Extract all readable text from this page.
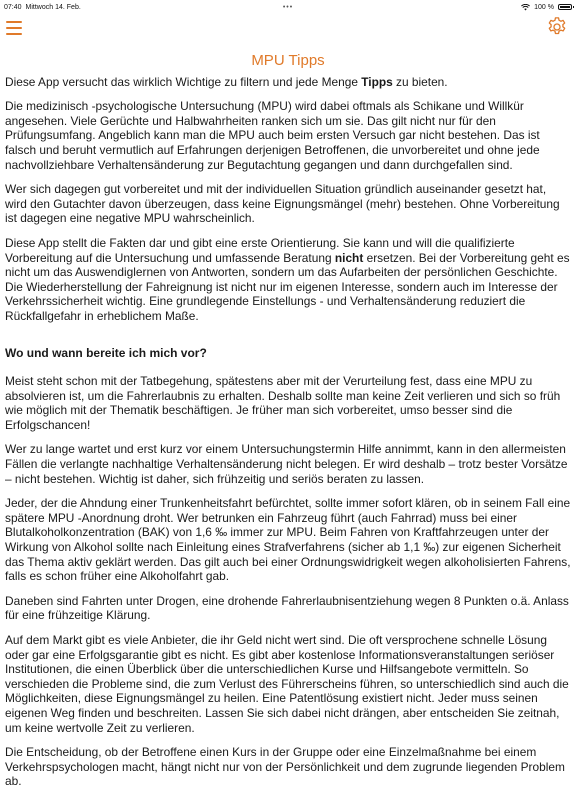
07:40 Mittwoch 14. Feb.	•••	100 %
MPU Tipps

Diese App versucht das wirklich Wichtige zu filtern und jede Menge Tipps zu bieten.

Die medizinisch -psychologische Untersuchung (MPU) wird dabei oftmals als Schikane und Willkür angesehen. Viele Gerüchte und Halbwahrheiten ranken sich um sie. Das gilt nicht nur für den Prüfungsumfang. Angeblich kann man die MPU auch beim ersten Versuch gar nicht bestehen. Das ist falsch und beruht vermutlich auf Erfahrungen derjenigen Betroffenen, die unvorbereitet und ohne jede nachvollziehbare Verhaltensänderung zur Begutachtung gegangen und dann durchgefallen sind.

Wer sich dagegen gut vorbereitet und mit der individuellen Situation gründlich auseinander gesetzt hat, wird den Gutachter davon überzeugen, dass keine Eignungsmängel (mehr) bestehen. Ohne Vorbereitung ist dagegen eine negative MPU wahrscheinlich.

Diese App stellt die Fakten dar und gibt eine erste Orientierung. Sie kann und will die qualifizierte Vorbereitung auf die Untersuchung und umfassende Beratung nicht ersetzen. Bei der Vorbereitung geht es nicht um das Auswendiglernen von Antworten, sondern um das Aufarbeiten der persönlichen Geschichte. Die Wiederherstellung der Fahreignung ist nicht nur im eigenen Interesse, sondern auch im Interesse der Verkehrssicherheit wichtig. Eine grundlegende Einstellungs - und Verhaltensänderung reduziert die Rückfallgefahr in erheblichem Maße.

Wo und wann bereite ich mich vor?

Meist steht schon mit der Tatbegehung, spätestens aber mit der Verurteilung fest, dass eine MPU zu absolvieren ist, um die Fahrerlaubnis zu erhalten. Deshalb sollte man keine Zeit verlieren und sich so früh wie möglich mit der Thematik beschäftigen. Je früher man sich vorbereitet, umso besser sind die Erfolgschancen!

Wer zu lange wartet und erst kurz vor einem Untersuchungstermin Hilfe annimmt, kann in den allermeisten Fällen die verlangte nachhaltige Verhaltensänderung nicht belegen. Er wird deshalb – trotz bester Vorsätze – nicht bestehen. Wichtig ist daher, sich frühzeitig und seriös beraten zu lassen.

Jeder, der die Ahndung einer Trunkenheitsfahrt befürchtet, sollte immer sofort klären, ob in seinem Fall eine spätere MPU -Anordnung droht. Wer betrunken ein Fahrzeug führt (auch Fahrrad) muss bei einer Blutalkoholkonzentration (BAK) von 1,6 ‰ immer zur MPU. Beim Fahren von Kraftfahrzeugen unter der Wirkung von Alkohol sollte nach Einleitung eines Strafverfahrens (sicher ab 1,1 ‰) zur eigenen Sicherheit das Thema aktiv geklärt werden. Das gilt auch bei einer Ordnungswidrigkeit wegen alkoholisierten Fahrens, falls es schon früher eine Alkoholfahrt gab.

Daneben sind Fahrten unter Drogen, eine drohende Fahrerlaubnisentziehung wegen 8 Punkten o.ä. Anlass für eine frühzeitige Klärung.

Auf dem Markt gibt es viele Anbieter, die ihr Geld nicht wert sind. Die oft versprochene schnelle Lösung oder gar eine Erfolgsgarantie gibt es nicht. Es gibt aber kostenlose Informationsveranstaltungen seriöser Institutionen, die einen Überblick über die unterschiedlichen Kurse und Hilfsangebote vermitteln. So verschieden die Probleme sind, die zum Verlust des Führerscheins führen, so unterschiedlich sind auch die Möglichkeiten, diese Eignungsmängel zu heilen. Eine Patentlösung existiert nicht. Jeder muss seinen eigenen Weg finden und beschreiten. Lassen Sie sich dabei nicht drängen, aber entscheiden Sie zeitnah, um keine wertvolle Zeit zu verlieren.

Die Entscheidung, ob der Betroffene einen Kurs in der Gruppe oder eine Einzelmaßnahme bei einem Verkehrspsychologen macht, hängt nicht nur von der Persönlichkeit und dem zugrunde liegenden Problem ab.
